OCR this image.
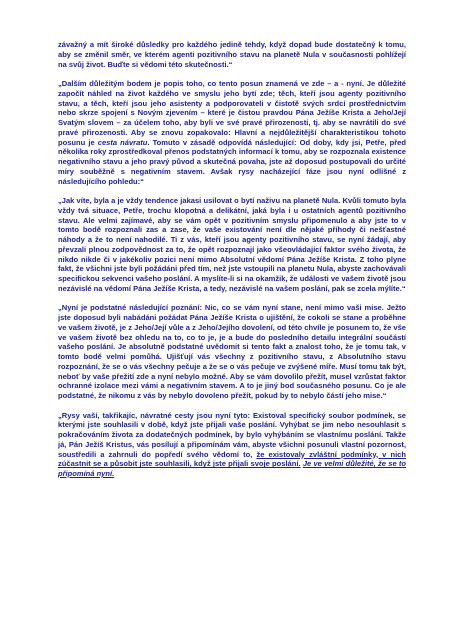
závažný a mít široké důsledky pro každého jedině tehdy, když dopad bude dostatečný k tomu, aby se změnil směr, ve kterém agenti pozitivního stavu na planetě Nula v současnosti pohlížejí na svůj život. Buďte si vědomi této skutečnosti.“

„Dalším důležitým bodem je popis toho, co tento posun znamená ve zde – a - nyní. Je důležité započít náhled na život každého ve smyslu jeho bytí zde; těch, kteří jsou agenty pozitivního stavu, a těch, kteří jsou jeho asistenty a podporovateli v čistotě svých srdcí prostřednictvím nebo skrze spojení s Novým zjevením – které je čistou pravdou Pána Ježíše Krista a Jeho/Její Svatým slovem – za účelem toho, aby byli ve své pravé přirozenosti, tj. aby se navrátili do své pravé přirozenosti. Aby se znovu zopakovalo: Hlavní a nejdůležitější charakteristikou tohoto posunu je cesta návratu. Tomuto v zásadě odpovídá následující: Od doby, kdy jsi, Petře, před několika roky zprostředkoval přenos podstatných informací k tomu, aby se rozpoznala existence negativního stavu a jeho pravý původ a skutečná povaha, jste až doposud postupovali do určité míry souběžně s negativním stavem. Avšak rysy nacházející fáze jsou nyní odlišné z následujícího pohledu:“

„Jak víte, byla a je vždy tendence jakasi usilovat o bytí naživu na planetě Nula. Kvůli tomuto byla vždy tvá situace, Petře, trochu klopotná a delikátní, jaká byla i u ostatních agentů pozitivního stavu. Ale velmi zajímavé, aby se vám opět v pozitivním smyslu připomenulo a aby jste to v tomto bodě rozpoznali zas a zase, že vaše existování není dle nějaké příhody či nešťastné náhody a že to není nahodilé. Ti z vás, kteří jsou agenty pozitivního stavu, se nyní žádají, aby převzali plnou zodpovědnost za to, že opět rozpoznají jako všeovládající faktor svého života, že nikdo nikde či v jakékoliv pozici není mimo Absolutní vědomí Pána Ježíše Krista. Z toho plyne fakt, že všichni jste byli požádáni před tím, než jste vstoupili na planetu Nula, abyste zachovávali specifickou sekvenci vašeho poslání. A myslíte-li si na okamžik, že události ve vašem životě jsou nezávislé na vědomí Pána Ježíše Krista, a tedy, nezávislé na vašem poslání, pak se zcela mýlíte.“

„Nyní je podstatné následující poznání: Nic, co se vám nyní stane, není mimo vaši mise. Ježto jste doposud byli nabádáni požádat Pána Ježíše Krista o ujištění, že cokoli se stane a proběhne ve vašem životě, je z Jeho/Její vůle a z Jeho/Jejího dovolení, od této chvíle je posunem to, že vše ve vašem životě bez ohledu na to, co to je, je a bude do posledního detailu integrální součástí vašeho poslání. Je absolutně podstatné uvědomit si tento fakt a znalost toho, že je tomu tak, v tomto bodě velmi pomůhá. Ujišťují vás všechny z pozitivního stavu, z Absolutního stavu rozpoznání, že se o vás všechny pečuje a že se o vás pečuje ve zvýšené míře. Musí tomu tak být, neboť by vaše přežití zde a nyní nebylo možné. Aby se vám dovolilo přežít, musel vzrůstat faktor ochranné izolace mezi vámi a negativním stavem. A to je jiný bod současného posunu. Co je ale podstatné, že nikomu z vás by nebylo dovoleno přežít, pokud by to nebylo částí jeho mise.“

„Rysy vaší, takřikajíc, návratné cesty jsou nyní tyto: Existoval specifický soubor podmínek, se kterými jste souhlasili v době, když jste přijali vaše poslání. Vyhýbat se jim nebo nesouhlasit s pokračováním života za dodatečných podmínek, by bylo vyhýbáním se vlastnímu poslání. Takže já, Pán Ježíš Kristus, vás posílují a připomínám vám, abyste všichni posunuli vlastní pozornost, soustředili a zahrnuli do popředí svého vědomí to, že existovaly zvláštní podmínky, v nich zúčastnit se a působit jste souhlasili, když jste přijali svoje poslání. Je ve velmi důležité, že se to připomíná nyní.
